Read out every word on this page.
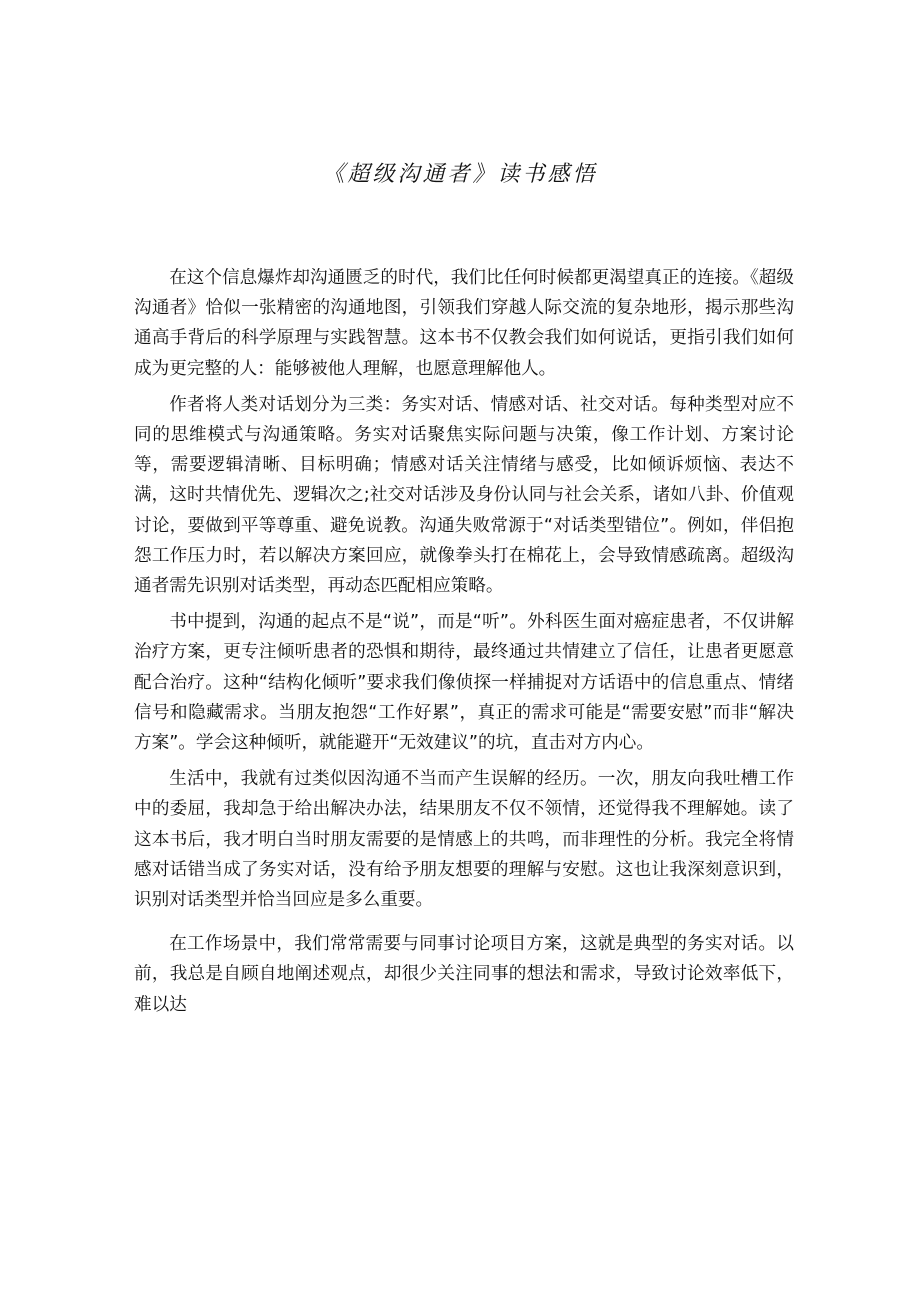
《超级沟通者》读书感悟

在这个信息爆炸却沟通匮乏的时代，我们比任何时候都更渴望真正的连接。《超级沟通者》恰似一张精密的沟通地图，引领我们穿越人际交流的复杂地形，揭示那些沟通高手背后的科学原理与实践智慧。这本书不仅教会我们如何说话，更指引我们如何成为更完整的人：能够被他人理解，也愿意理解他人。

作者将人类对话划分为三类：务实对话、情感对话、社交对话。每种类型对应不同的思维模式与沟通策略。务实对话聚焦实际问题与决策，像工作计划、方案讨论等，需要逻辑清晰、目标明确；情感对话关注情绪与感受，比如倾诉烦恼、表达不满，这时共情优先、逻辑次之;社交对话涉及身份认同与社会关系，诸如八卦、价值观讨论，要做到平等尊重、避免说教。沟通失败常源于“对话类型错位”。例如，伴侣抱怨工作压力时，若以解决方案回应，就像拳头打在棉花上，会导致情感疏离。超级沟通者需先识别对话类型，再动态匹配相应策略。

书中提到，沟通的起点不是“说”，而是“听”。外科医生面对癌症患者，不仅讲解治疗方案，更专注倾听患者的恐惧和期待，最终通过共情建立了信任，让患者更愿意配合治疗。这种“结构化倾听”要求我们像侦探一样捕捉对方话语中的信息重点、情绪信号和隐藏需求。当朋友抱怨“工作好累”，真正的需求可能是“需要安慰”而非“解决方案”。学会这种倾听，就能避开“无效建议”的坑，直击对方内心。

生活中，我就有过类似因沟通不当而产生误解的经历。一次，朋友向我吐槽工作中的委屈，我却急于给出解决办法，结果朋友不仅不领情，还觉得我不理解她。读了这本书后，我才明白当时朋友需要的是情感上的共鸣，而非理性的分析。我完全将情感对话错当成了务实对话，没有给予朋友想要的理解与安慰。这也让我深刻意识到，识别对话类型并恰当回应是多么重要。

在工作场景中，我们常常需要与同事讨论项目方案，这就是典型的务实对话。以前，我总是自顾自地阐述观点，却很少关注同事的想法和需求，导致讨论效率低下，难以达
